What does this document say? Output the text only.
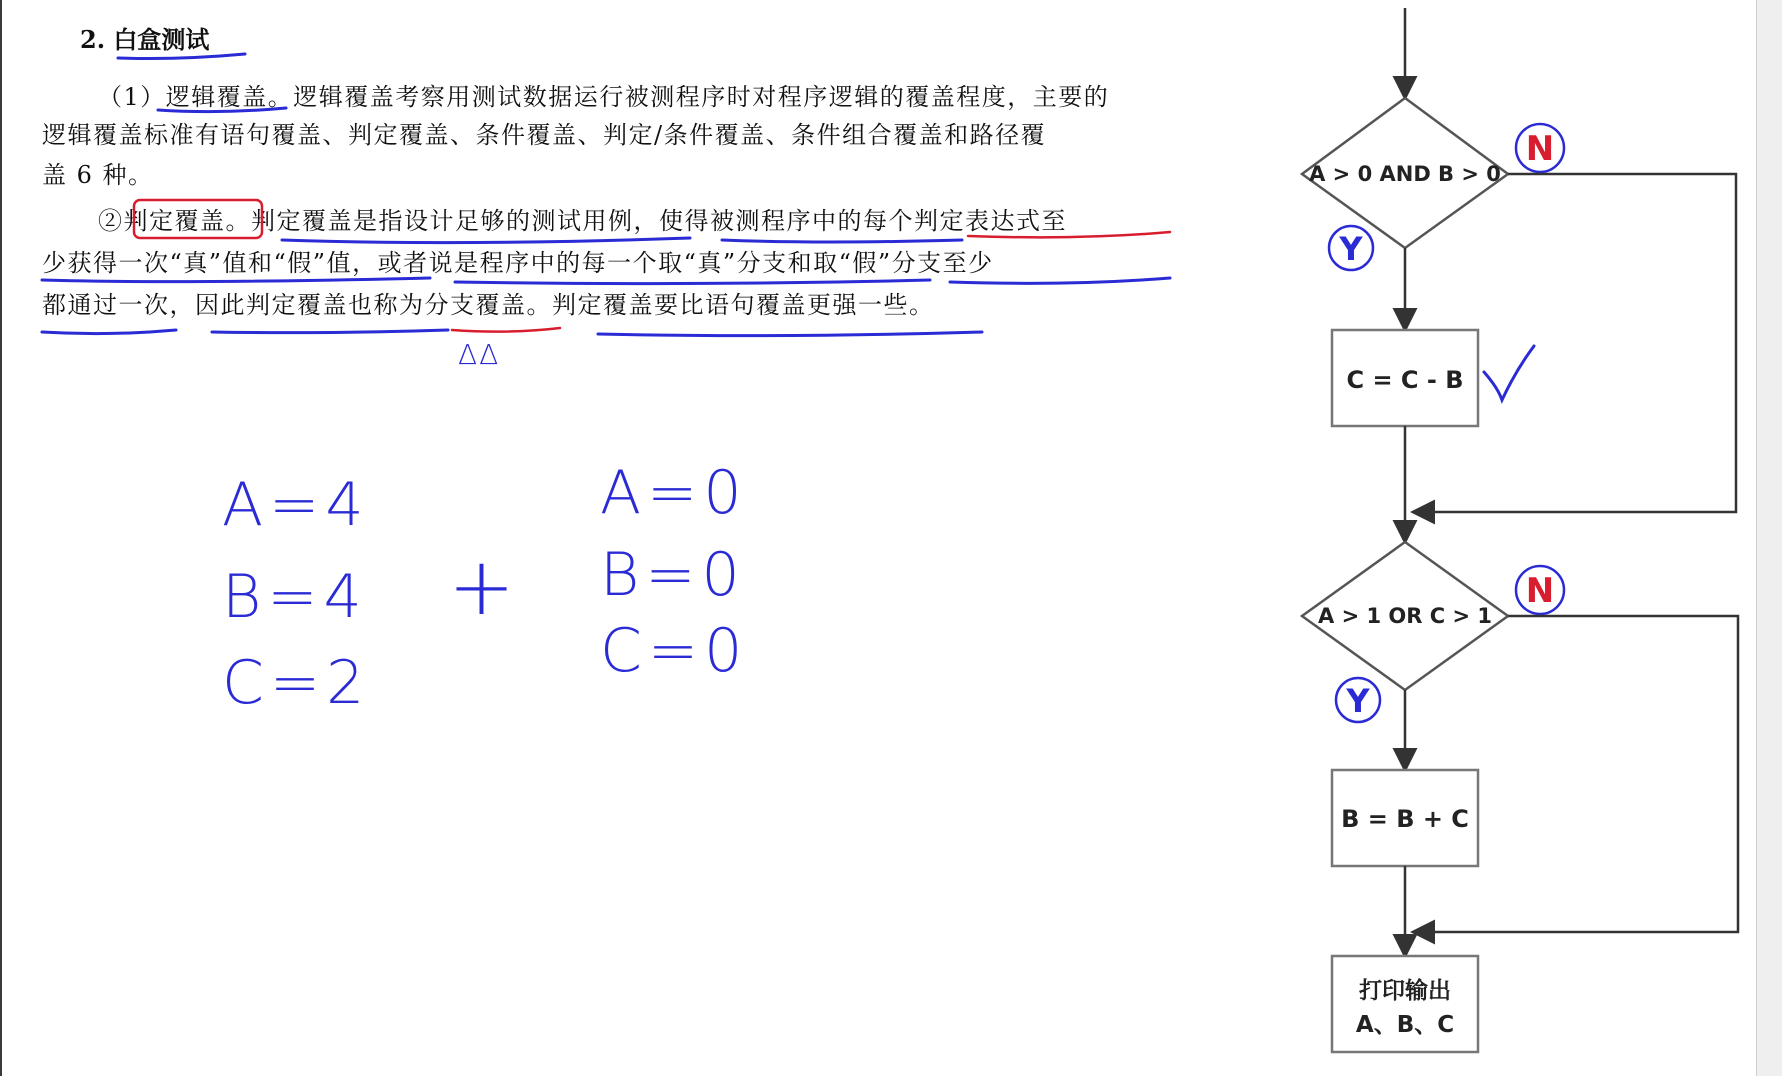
2. 白盒测试
（1）逻辑覆盖。逻辑覆盖考察用测试数据运行被测程序时对程序逻辑的覆盖程度，主要的
逻辑覆盖标准有语句覆盖、判定覆盖、条件覆盖、判定/条件覆盖、条件组合覆盖和路径覆
盖 6 种。
②判定覆盖。判定覆盖是指设计足够的测试用例，使得被测程序中的每个判定表达式至
少获得一次“真”值和“假”值，或者说是程序中的每一个取“真”分支和取“假”分支至少
都通过一次，因此判定覆盖也称为分支覆盖。判定覆盖要比语句覆盖更强一些。
ΔΔ
A=4
B=4
C=2
+
A=0
B=0
C=0
A > 0 AND B > 0
N
Y
C = C - B
A > 1 OR C > 1
N
Y
B = B + C
打印输出
A、B、C
